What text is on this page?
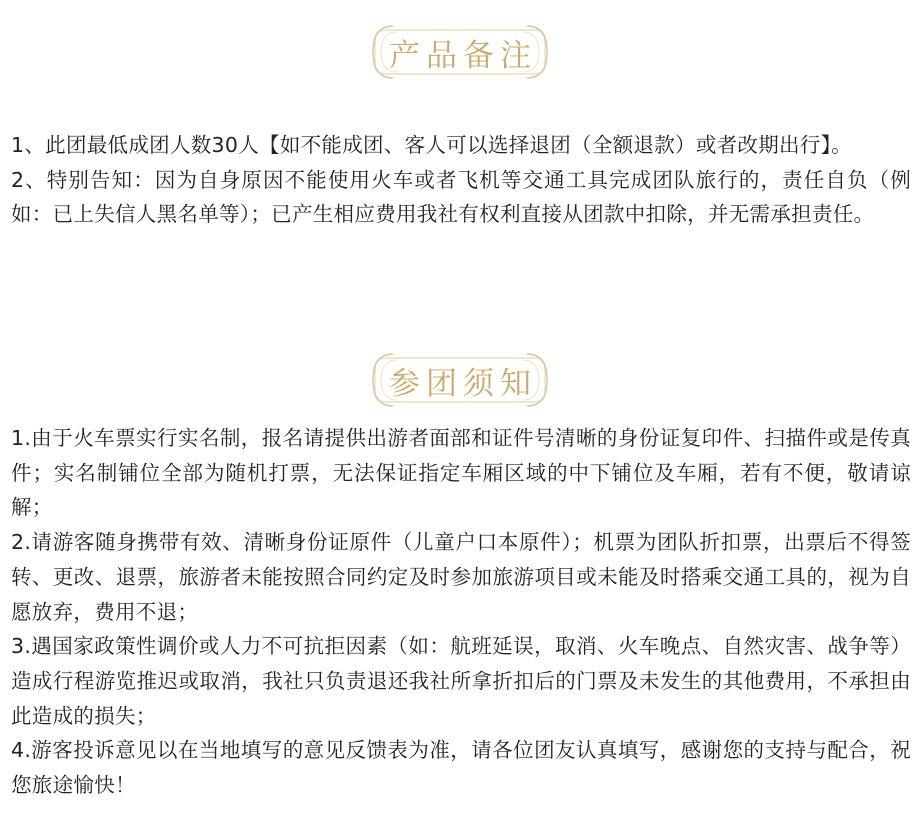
产品备注

1、此团最低成团人数30人【如不能成团、客人可以选择退团（全额退款）或者改期出行】。

2、特别告知：因为自身原因不能使用火车或者飞机等交通工具完成团队旅行的，责任自负（例如：已上失信人黑名单等）；已产生相应费用我社有权利直接从团款中扣除，并无需承担责任。

参团须知

1.由于火车票实行实名制，报名请提供出游者面部和证件号清晰的身份证复印件、扫描件或是传真件；实名制铺位全部为随机打票，无法保证指定车厢区域的中下铺位及车厢，若有不便，敬请谅解；

2.请游客随身携带有效、清晰身份证原件（儿童户口本原件）；机票为团队折扣票，出票后不得签转、更改、退票，旅游者未能按照合同约定及时参加旅游项目或未能及时搭乘交通工具的，视为自愿放弃，费用不退；

3.遇国家政策性调价或人力不可抗拒因素（如：航班延误，取消、火车晚点、自然灾害、战争等）造成行程游览推迟或取消，我社只负责退还我社所拿折扣后的门票及未发生的其他费用，不承担由此造成的损失；

4.游客投诉意见以在当地填写的意见反馈表为准，请各位团友认真填写，感谢您的支持与配合，祝您旅途愉快！
